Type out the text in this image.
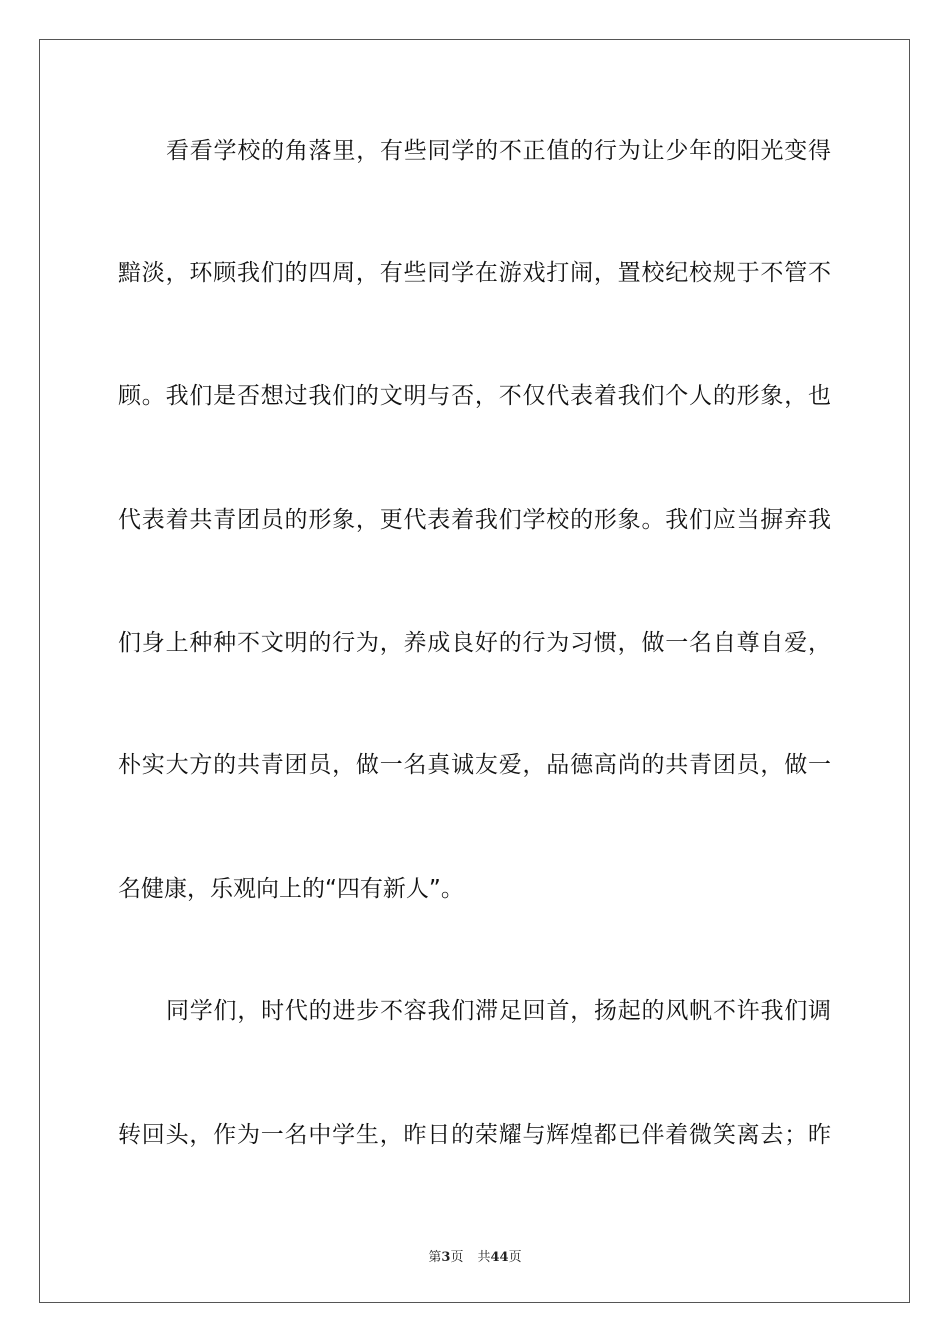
看看学校的角落里，有些同学的不正值的行为让少年的阳光变得
黯淡，环顾我们的四周，有些同学在游戏打闹，置校纪校规于不管不
顾。我们是否想过我们的文明与否，不仅代表着我们个人的形象，也
代表着共青团员的形象，更代表着我们学校的形象。我们应当摒弃我
们身上种种不文明的行为，养成良好的行为习惯，做一名自尊自爱，
朴实大方的共青团员，做一名真诚友爱，品德高尚的共青团员，做一
名健康，乐观向上的“四有新人”。
同学们，时代的进步不容我们滞足回首，扬起的风帆不许我们调
转回头，作为一名中学生，昨日的荣耀与辉煌都已伴着微笑离去；昨
第3页 共44页
